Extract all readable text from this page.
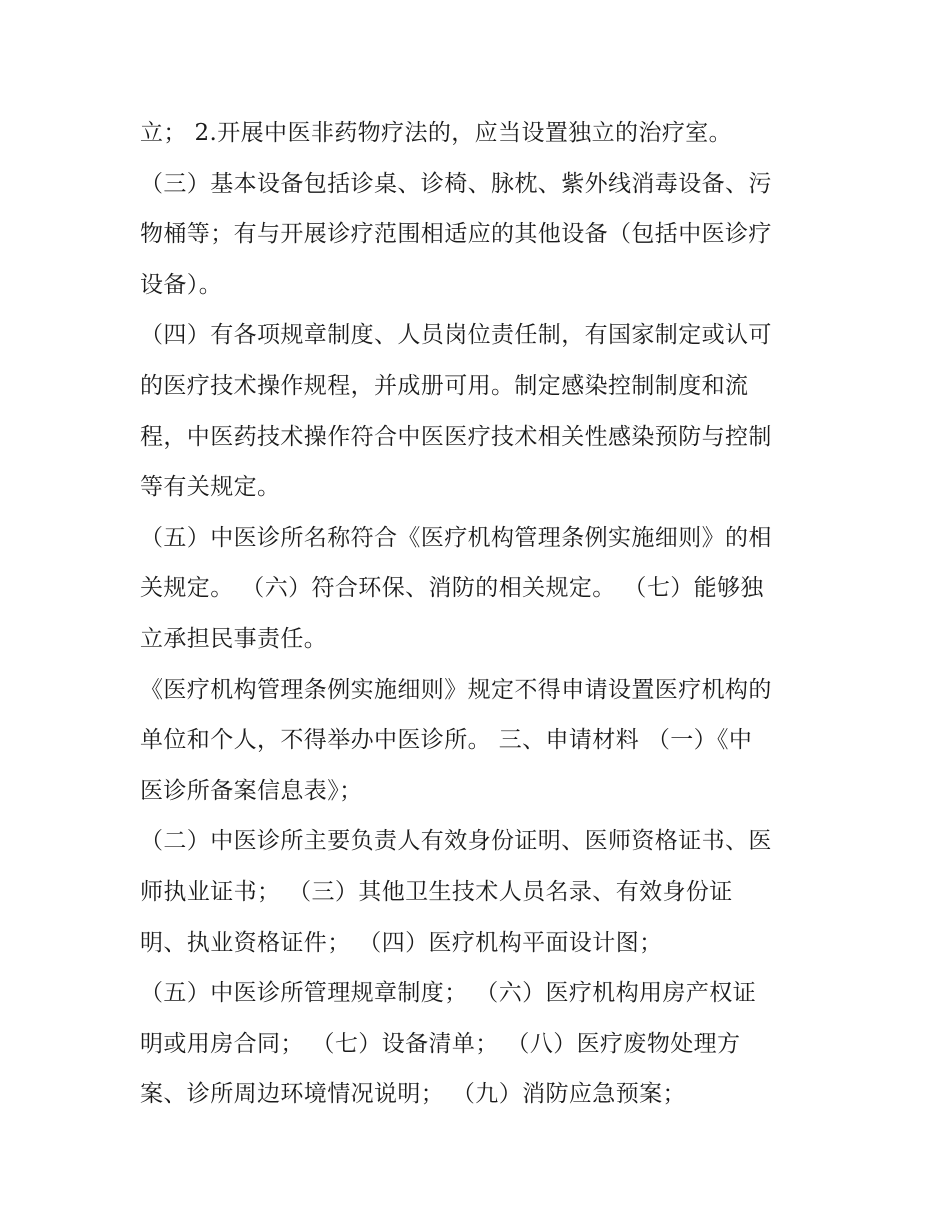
立； 2.开展中医非药物疗法的，应当设置独立的治疗室。
（三）基本设备包括诊桌、诊椅、脉枕、紫外线消毒设备、污
物桶等；有与开展诊疗范围相适应的其他设备（包括中医诊疗
设备）。
（四）有各项规章制度、人员岗位责任制，有国家制定或认可
的医疗技术操作规程，并成册可用。制定感染控制制度和流
程，中医药技术操作符合中医医疗技术相关性感染预防与控制
等有关规定。
（五）中医诊所名称符合《医疗机构管理条例实施细则》的相
关规定。 （六）符合环保、消防的相关规定。 （七）能够独
立承担民事责任。
《医疗机构管理条例实施细则》规定不得申请设置医疗机构的
单位和个人，不得举办中医诊所。 三、申请材料 （一）《中
医诊所备案信息表》；
（二）中医诊所主要负责人有效身份证明、医师资格证书、医
师执业证书； （三）其他卫生技术人员名录、有效身份证
明、执业资格证件； （四）医疗机构平面设计图；
（五）中医诊所管理规章制度； （六）医疗机构用房产权证
明或用房合同； （七）设备清单； （八）医疗废物处理方
案、诊所周边环境情况说明； （九）消防应急预案；
